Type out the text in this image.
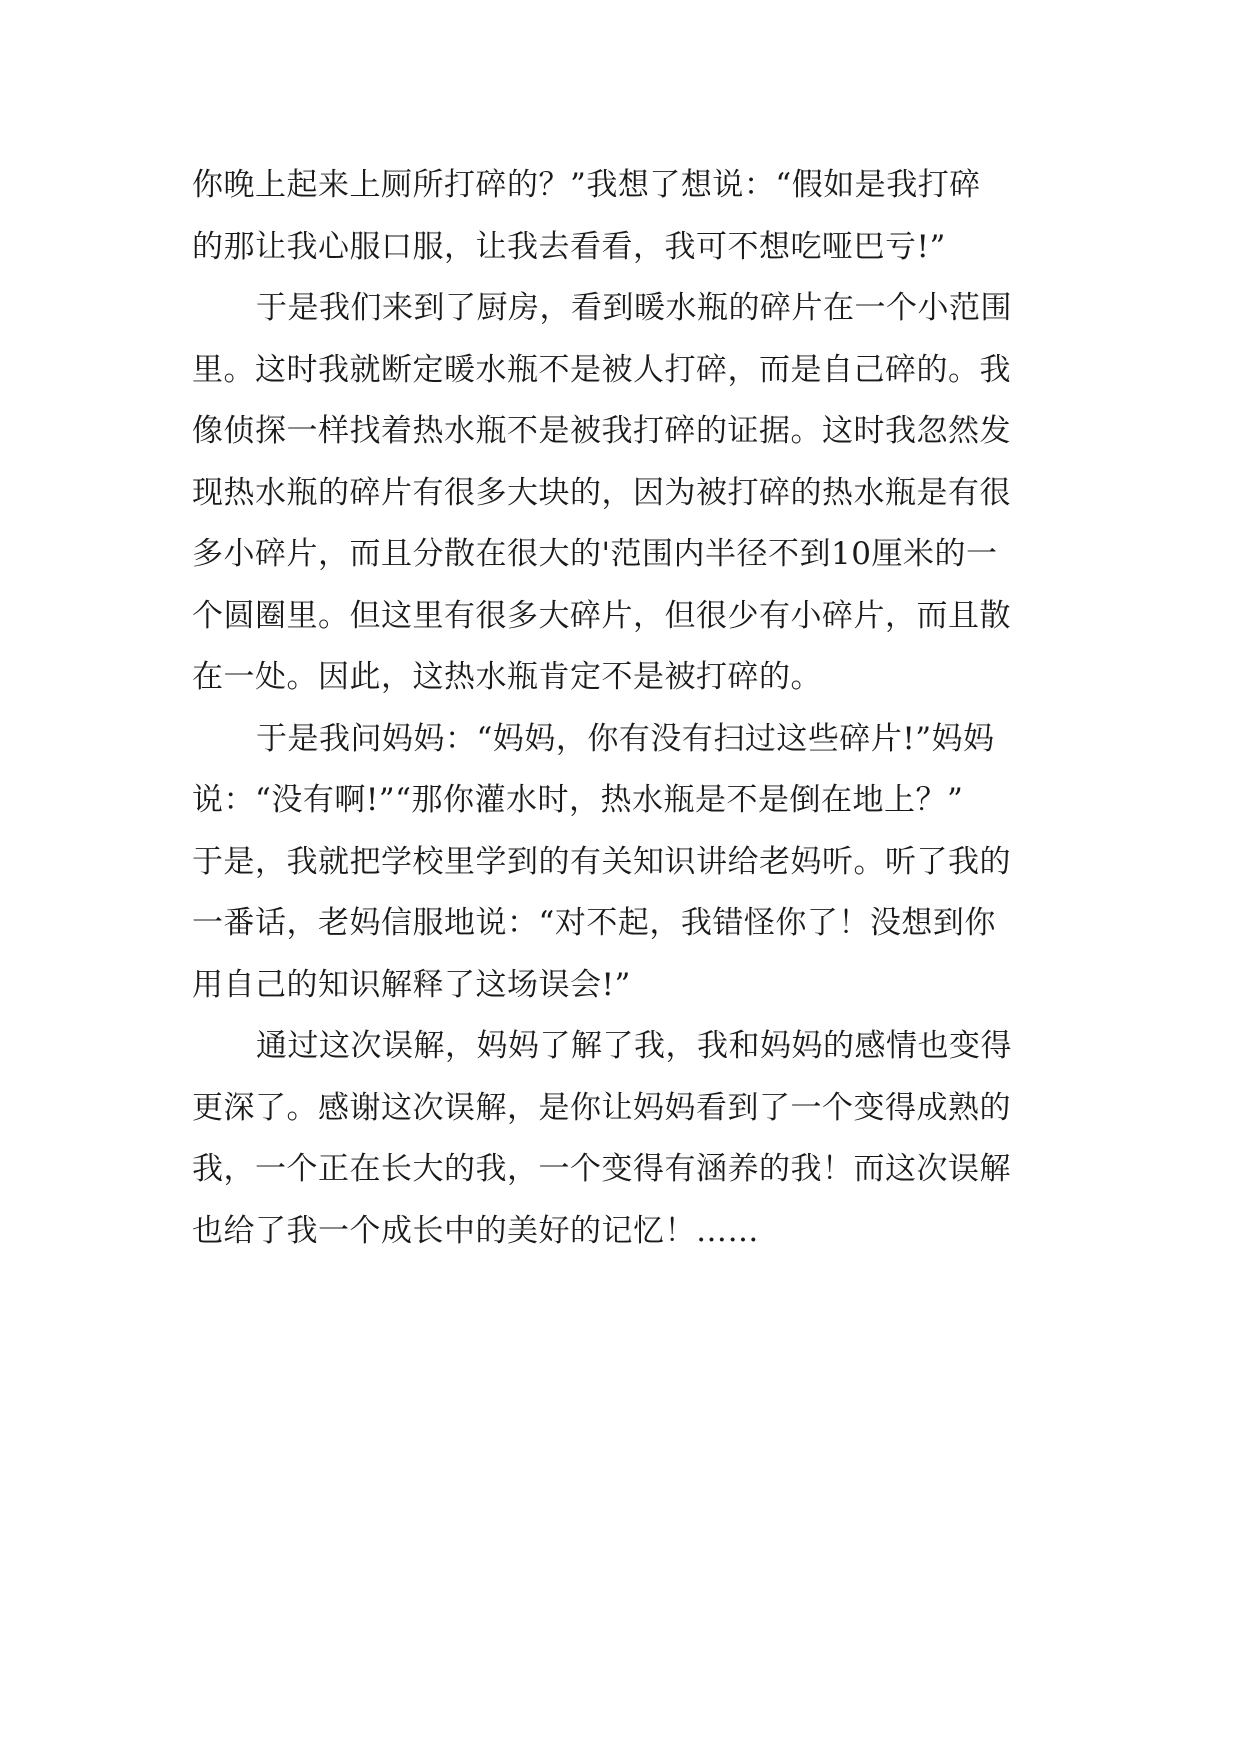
你晚上起来上厕所打碎的？”我想了想说：“假如是我打碎
的那让我心服口服，让我去看看，我可不想吃哑巴亏!”
于是我们来到了厨房，看到暖水瓶的碎片在一个小范围
里。这时我就断定暖水瓶不是被人打碎，而是自己碎的。我
像侦探一样找着热水瓶不是被我打碎的证据。这时我忽然发
现热水瓶的碎片有很多大块的，因为被打碎的热水瓶是有很
多小碎片，而且分散在很大的'范围内半径不到10厘米的一
个圆圈里。但这里有很多大碎片，但很少有小碎片，而且散
在一处。因此，这热水瓶肯定不是被打碎的。
于是我问妈妈：“妈妈，你有没有扫过这些碎片!”妈妈
说：“没有啊!”“那你灌水时，热水瓶是不是倒在地上？”
于是，我就把学校里学到的有关知识讲给老妈听。听了我的
一番话，老妈信服地说：“对不起，我错怪你了！没想到你
用自己的知识解释了这场误会!”
通过这次误解，妈妈了解了我，我和妈妈的感情也变得
更深了。感谢这次误解，是你让妈妈看到了一个变得成熟的
我，一个正在长大的我，一个变得有涵养的我！而这次误解
也给了我一个成长中的美好的记忆！……
